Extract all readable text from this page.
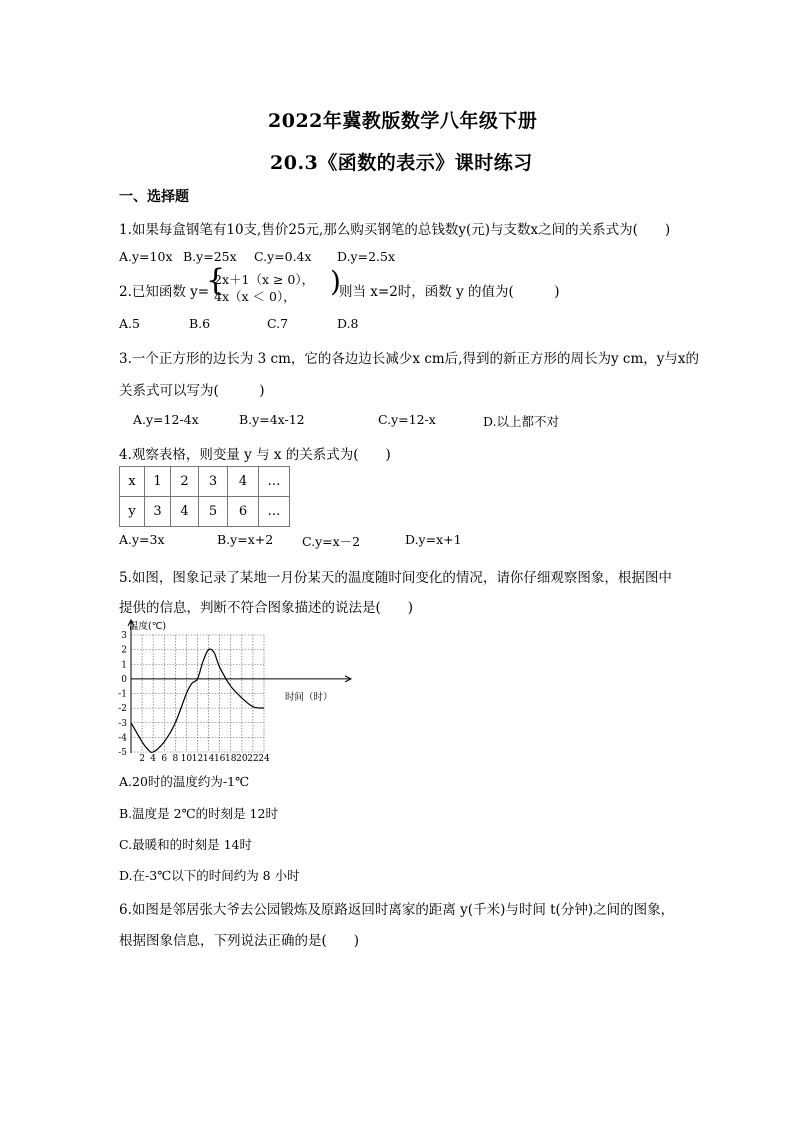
2022年冀教版数学八年级下册
20.3《函数的表示》课时练习
一、选择题
1.如果每盒钢笔有10支,售价25元,那么购买钢笔的总钱数y(元)与支数x之间的关系式为(　　)
A.y=10x B.y=25x C.y=0.4x D.y=2.5x
2.已知函数 y=
{
2x＋1（x ≥ 0），
4x（x ＜ 0）， )
则当 x=2时，函数 y 的值为(　　　)
A.5	B.6	C.7	D.8
3.一个正方形的边长为 3 cm，它的各边边长减少x cm后,得到的新正方形的周长为y cm，y与x的
关系式可以写为(　　　)
A.y=12-4x	B.y=4x-12	C.y=12-x	D.以上都不对
4.观察表格，则变量 y 与 x 的关系式为(　　)
x	1	2	3	4	…
y	3	4	5	6	…
A.y=3x	B.y=x+2 C.y=x－2	D.y=x+1
5.如图，图象记录了某地一月份某天的温度随时间变化的情况，请你仔细观察图象，根据图中
提供的信息，判断不符合图象描述的说法是(　　)
2 4 6 8 10 12 14 16 18 20 22 24
3
2
1
0
-1
-2
-3
-4
-5
温度(℃)
时间（时）
A.20时的温度约为-1℃
B.温度是 2℃的时刻是 12时
C.最暖和的时刻是 14时
D.在-3℃以下的时间约为 8 小时
6.如图是邻居张大爷去公园锻炼及原路返回时离家的距离 y(千米)与时间 t(分钟)之间的图象，
根据图象信息，下列说法正确的是(　　)
